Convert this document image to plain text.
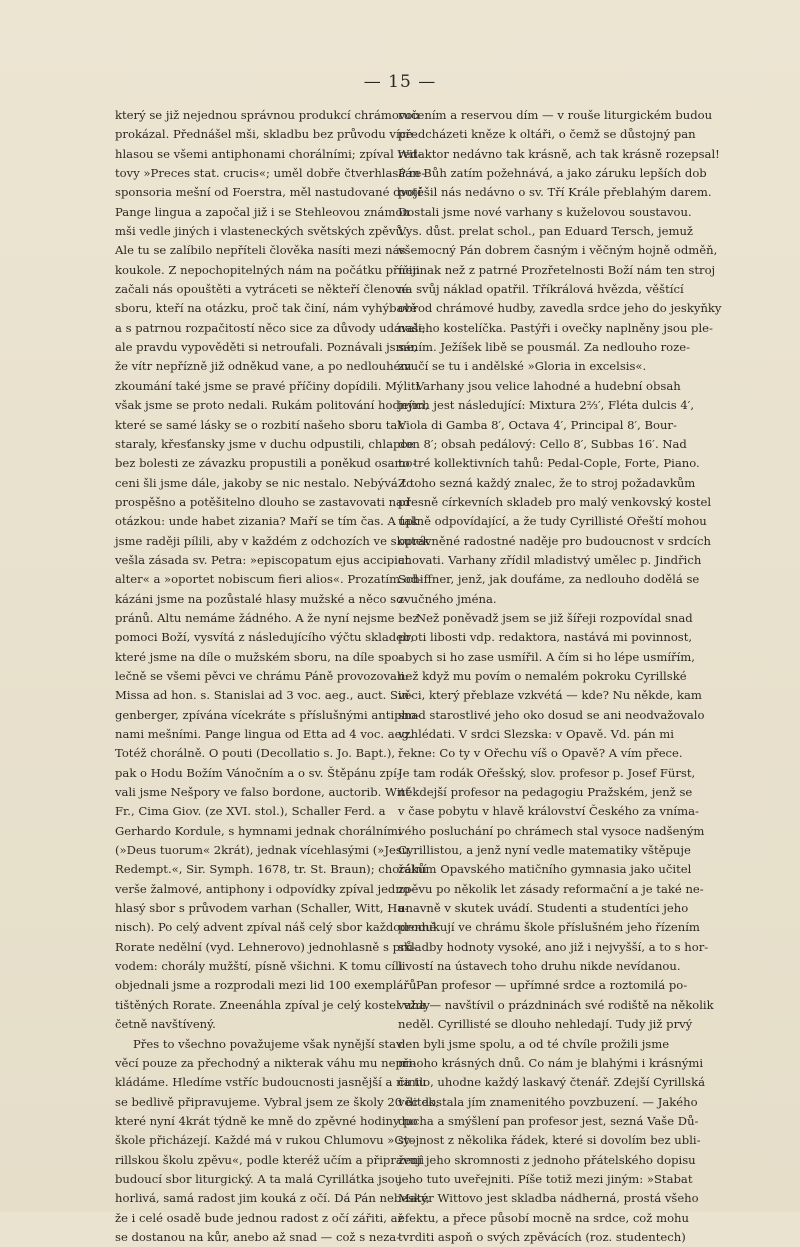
— 15 —
který se již nejednou správnou produkcí chrámovou
prokázal. Přednášel mši, skladbu bez průvodu více-
hlasou se všemi antiphonami chorálními; zpíval Wit-
tovy »Preces stat. crucis«; uměl dobře čtverhlasá re-
sponsoria mešní od Foerstra, měl nastudované dvojí
Pange lingua a započal již i se Stehleovou známou
mši vedle jiných i vlasteneckých světských zpěvů.
Ale tu se zalíbilo nepříteli člověka nasíti mezi nás
koukole. Z nepochopitelných nám na počátku příčin
začali nás opouštěti a vytráceti se někteří členové
sboru, kteří na otázku, proč tak činí, nám vyhýbavě
a s patrnou rozpačitostí něco sice za důvody udávali,
ale pravdu vypověděti si netroufali. Poznávali jsme,
že vítr nepřízně již odněkud vane, a po nedlouhém
zkoumání také jsme se pravé příčiny dopídili. Mýliti
však jsme se proto nedali. Rukám politování hodným,
které se samé lásky se o rozbití našeho sboru tak
staraly, křesťansky jsme v duchu odpustili, chlapce
bez bolesti ze závazku propustili a poněkud osamo-
ceni šli jsme dále, jakoby se nic nestalo. Nebývá to
prospěšno a potěšitelno dlouho se zastavovati nad
otázkou: unde habet zizania? Maří se tím čas. A tak
jsme raději pílili, aby v každém z odchozích ve skutek
vešla zásada sv. Petra: »episcopatum ejus accipiat
alter« a »oportet nobiscum fieri alios«. Prozatím od-
kázáni jsme na pozůstalé hlasy mužské a něco so-
pránů. Altu nemáme žádného. A že nyní nejsme bez
pomoci Boží, vysvítá z následujícího výčtu skladeb,
které jsme na díle o mužském sboru, na díle spo-
lečně se všemi pěvci ve chrámu Páně provozovali:
Missa ad hon. s. Stanislai ad 3 voc. aeg., auct. Sin-
genberger, zpívána vícekráte s příslušnými antipho-
nami mešními. Pange lingua od Etta ad 4 voc. aeg.
Totéž chorálně. O pouti (Decollatio s. Jo. Bapt.),
pak o Hodu Božím Vánočním a o sv. Štěpánu zpí-
vali jsme Nešpory ve falso bordone, auctorib. Witt
Fr., Cima Giov. (ze XVI. stol.), Schaller Ferd. a
Gerhardo Kordule, s hymnami jednak chorálními
(»Deus tuorum« 2krát), jednak vícehlasými (»Jesu
Redempt.«, Sir. Symph. 1678, tr. St. Braun); chorální
verše žalmové, antiphony i odpovídky zpíval jedno-
hlasý sbor s průvodem varhan (Schaller, Witt, Ha-
nisch). Po celý advent zpíval náš celý sbor každodenně
Rorate nedělní (vyd. Lehnerovo) jednohlasně s prů-
vodem: chorály mužští, písně všichni. K tomu cíli
objednali jsme a rozprodali mezi lid 100 exemplářů
tištěných Rorate. Zneenáhla zpíval je celý kostel vždy
četně navštívený.
Přes to všechno považujeme však nynější stav
věcí pouze za přechodný a nikterak váhu mu nepři-
kládáme. Hledíme vstříc budoucnosti jasnější a na tu
se bedlivě připravujeme. Vybral jsem ze školy 20 ditek,
které nyní 4krát týdně ke mně do zpěvné hodiny po
škole přicházejí. Každé má v rukou Chlumovu »Cy-
rillskou školu zpěvu«, podle kteréž učím a připravuji
budoucí sbor liturgický. A ta malá Cyrillátka jsou
horlivá, samá radost jim kouká z očí. Dá Pán nebeský,
že i celé osadě bude jednou radost z očí zářiti, až
se dostanou na kůr, anebo až snad — což s neza-
ručením a reservou dím — v rouše liturgickém budou
předcházeti kněze k oltáři, o čemž se důstojný pan
redaktor nedávno tak krásně, ach tak krásně rozepsal!
Pán Bůh zatím požehnává, a jako záruku lepších dob
potěšil nás nedávno o sv. Tří Krále přeblahým darem.
Dostali jsme nové varhany s kuželovou soustavou.
Vys. důst. prelat schol., pan Eduard Tersch, jemuž
všemocný Pán dobrem časným i věčným hojně odměň,
nejinak než z patrné Prozřetelnosti Boží nám ten stroj
na svůj náklad opatřil. Tříkrálová hvězda, věštící
obrod chrámové hudby, zavedla srdce jeho do jeskyňky
našeho kostelíčka. Pastýři i ovečky naplněny jsou ple-
sáním. Ježíšek libě se pousmál. Za nedlouho roze-
zvučí se tu i andělské »Gloria in excelsis«.
Varhany jsou velice lahodné a hudební obsah
jejich jest následující: Mixtura 2⅔′, Flétа dulcis 4′,
Viola di Gamba 8′, Octava 4′, Principal 8′, Bour-
don 8′; obsah pedálový: Cello 8′, Subbas 16′. Nad
to tré kollektivních tahů: Pedal-Cople, Forte, Piano.
Z toho sezná každý znalec, že to stroj požadavkům
přesně církevních skladeb pro malý venkovský kostel
úplně odpovídající, a že tudy Cyrillisté Ořeští mohou
oprávněné radostné naděje pro budoucnost v srdcích
chovati. Varhany zřídil mladistvý umělec p. Jindřich
Schiffner, jenž, jak doufáme, za nedlouho dodělá se
zvučného jména.
Než poněvadž jsem se již šířeji rozpovídal snad
proti libosti vdp. redaktora, nastává mi povinnost,
abych si ho zase usmířil. A čím si ho lépe usmířím,
než když mu povím o nemalém pokroku Cyrillské
věci, který přeblaze vzkvétá — kde? Nu někde, kam
snad starostlivé jeho oko dosud se ani neodvažovalo
vzhlédati. V srdci Slezska: v Opavě. Vd. pán mi
řekne: Co ty v Ořechu víš o Opavě? A vím přece.
Je tam rodák Ořešský, slov. profesor p. Josef Fürst,
někdejší profesor na pedagogiu Pražském, jenž se
v čase pobytu v hlavě království Českého za vníma-
vého posluchání po chrámech stal vysoce nadšeným
Cyrillistou, a jenž nyní vedle matematiky vštěpuje
žákům Opavského matičního gymnasia jako učitel
zpěvu po několik let zásady reformační a je také ne-
unavně v skutek uvádí. Studenti a studentíci jeho
produkují ve chrámu škole příslušném jeho řízením
skladby hodnoty vysoké, ano již i nejvyšší, a to s hor-
livostí na ústavech toho druhu nikde nevídanou.
Pan profesor — upřímné srdce a roztomilá po-
vaha — navštívil o prázdninách své rodiště na několik
neděl. Cyrillisté se dlouho nehledají. Tudy již prvý
den byli jsme spolu, a od té chvíle prožili jsme
mnoho krásných dnů. Co nám je blahými i krásnými
činilo, uhodne každý laskavý čtenář. Zdejší Cyrillská
věc dostala jím znamenitého povzbuzení. — Jakého
ducha a smýšlení pan profesor jest, sezná Vaše Dů-
stojnost z několika řádek, které si dovolím bez ubli-
žení jeho skromnosti z jednoho přátelského dopisu
jeho tuto uveřejniti. Píše totiž mezi jiným: »Stabat
Mater Wittovo jest skladba nádherná, prostá všeho
efektu, a přece působí mocně na srdce, což mohu
tvrditi aspoň o svých zpěvácích (roz. studentech)
